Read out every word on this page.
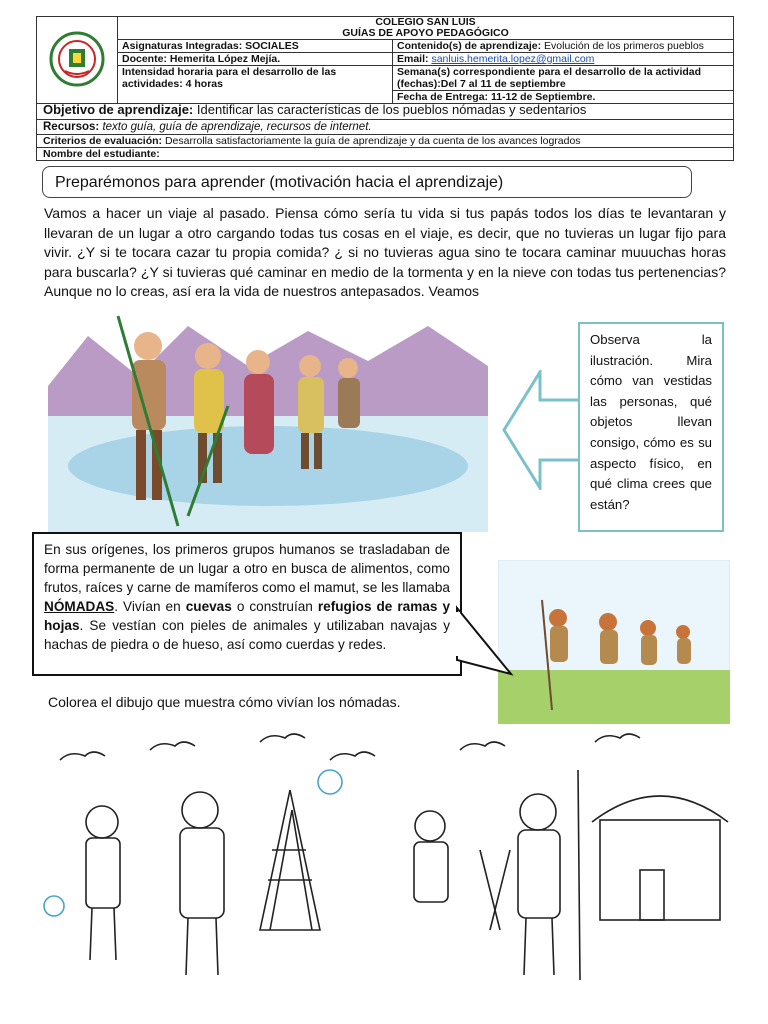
COLEGIO SAN LUIS
GUÍAS DE APOYO PEDAGÓGICO	

	Asignaturas Integradas: SOCIALES	Contenido(s) de aprendizaje: Evolución de los primeros pueblos
	Docente: Hemerita López Mejía.	Email: sanluis.hemerita.lopez@gmail.com
	Intensidad horaria para el desarrollo de las actividades: 4 horas	Semana(s) correspondiente para el desarrollo de la actividad (fechas):Del 7 al 11 de septiembre
		Fecha de Entrega: 11-12 de Septiembre.
Objetivo de aprendizaje: Identificar las características de los pueblos nómadas y sedentarios
Recursos: texto guía, guía de aprendizaje, recursos de internet.
Criterios de evaluación: Desarrolla satisfactoriamente la guía de aprendizaje y da cuenta de los avances logrados
Nombre del estudiante:
Preparémonos para aprender (motivación hacia el aprendizaje)
Vamos a hacer un viaje al pasado. Piensa cómo sería tu vida si tus papás todos los días te levantaran y llevaran de un lugar a otro cargando todas tus cosas en el viaje, es decir, que no tuvieras un lugar fijo para vivir. ¿Y si te tocara cazar tu propia comida? ¿ si no tuvieras agua sino te tocara caminar muuuchas horas para buscarla? ¿Y si tuvieras qué caminar en medio de la tormenta y en la nieve con todas tus pertenencias? Aunque no lo creas, así era la vida de nuestros antepasados. Veamos
Observa la ilustración. Mira cómo van vestidas las personas, qué objetos llevan consigo, cómo es su aspecto físico, en qué clima crees que están?
En sus orígenes, los primeros grupos humanos se trasladaban de forma permanente de un lugar a otro en busca de alimentos, como frutos, raíces y carne de mamíferos como el mamut, se les llamaba NÓMADAS. Vivían en cuevas o construían refugios de ramas y hojas. Se vestían con pieles de animales y utilizaban navajas y hachas de piedra o de hueso, así como cuerdas y redes.
Colorea el dibujo que muestra cómo vivían los nómadas.
